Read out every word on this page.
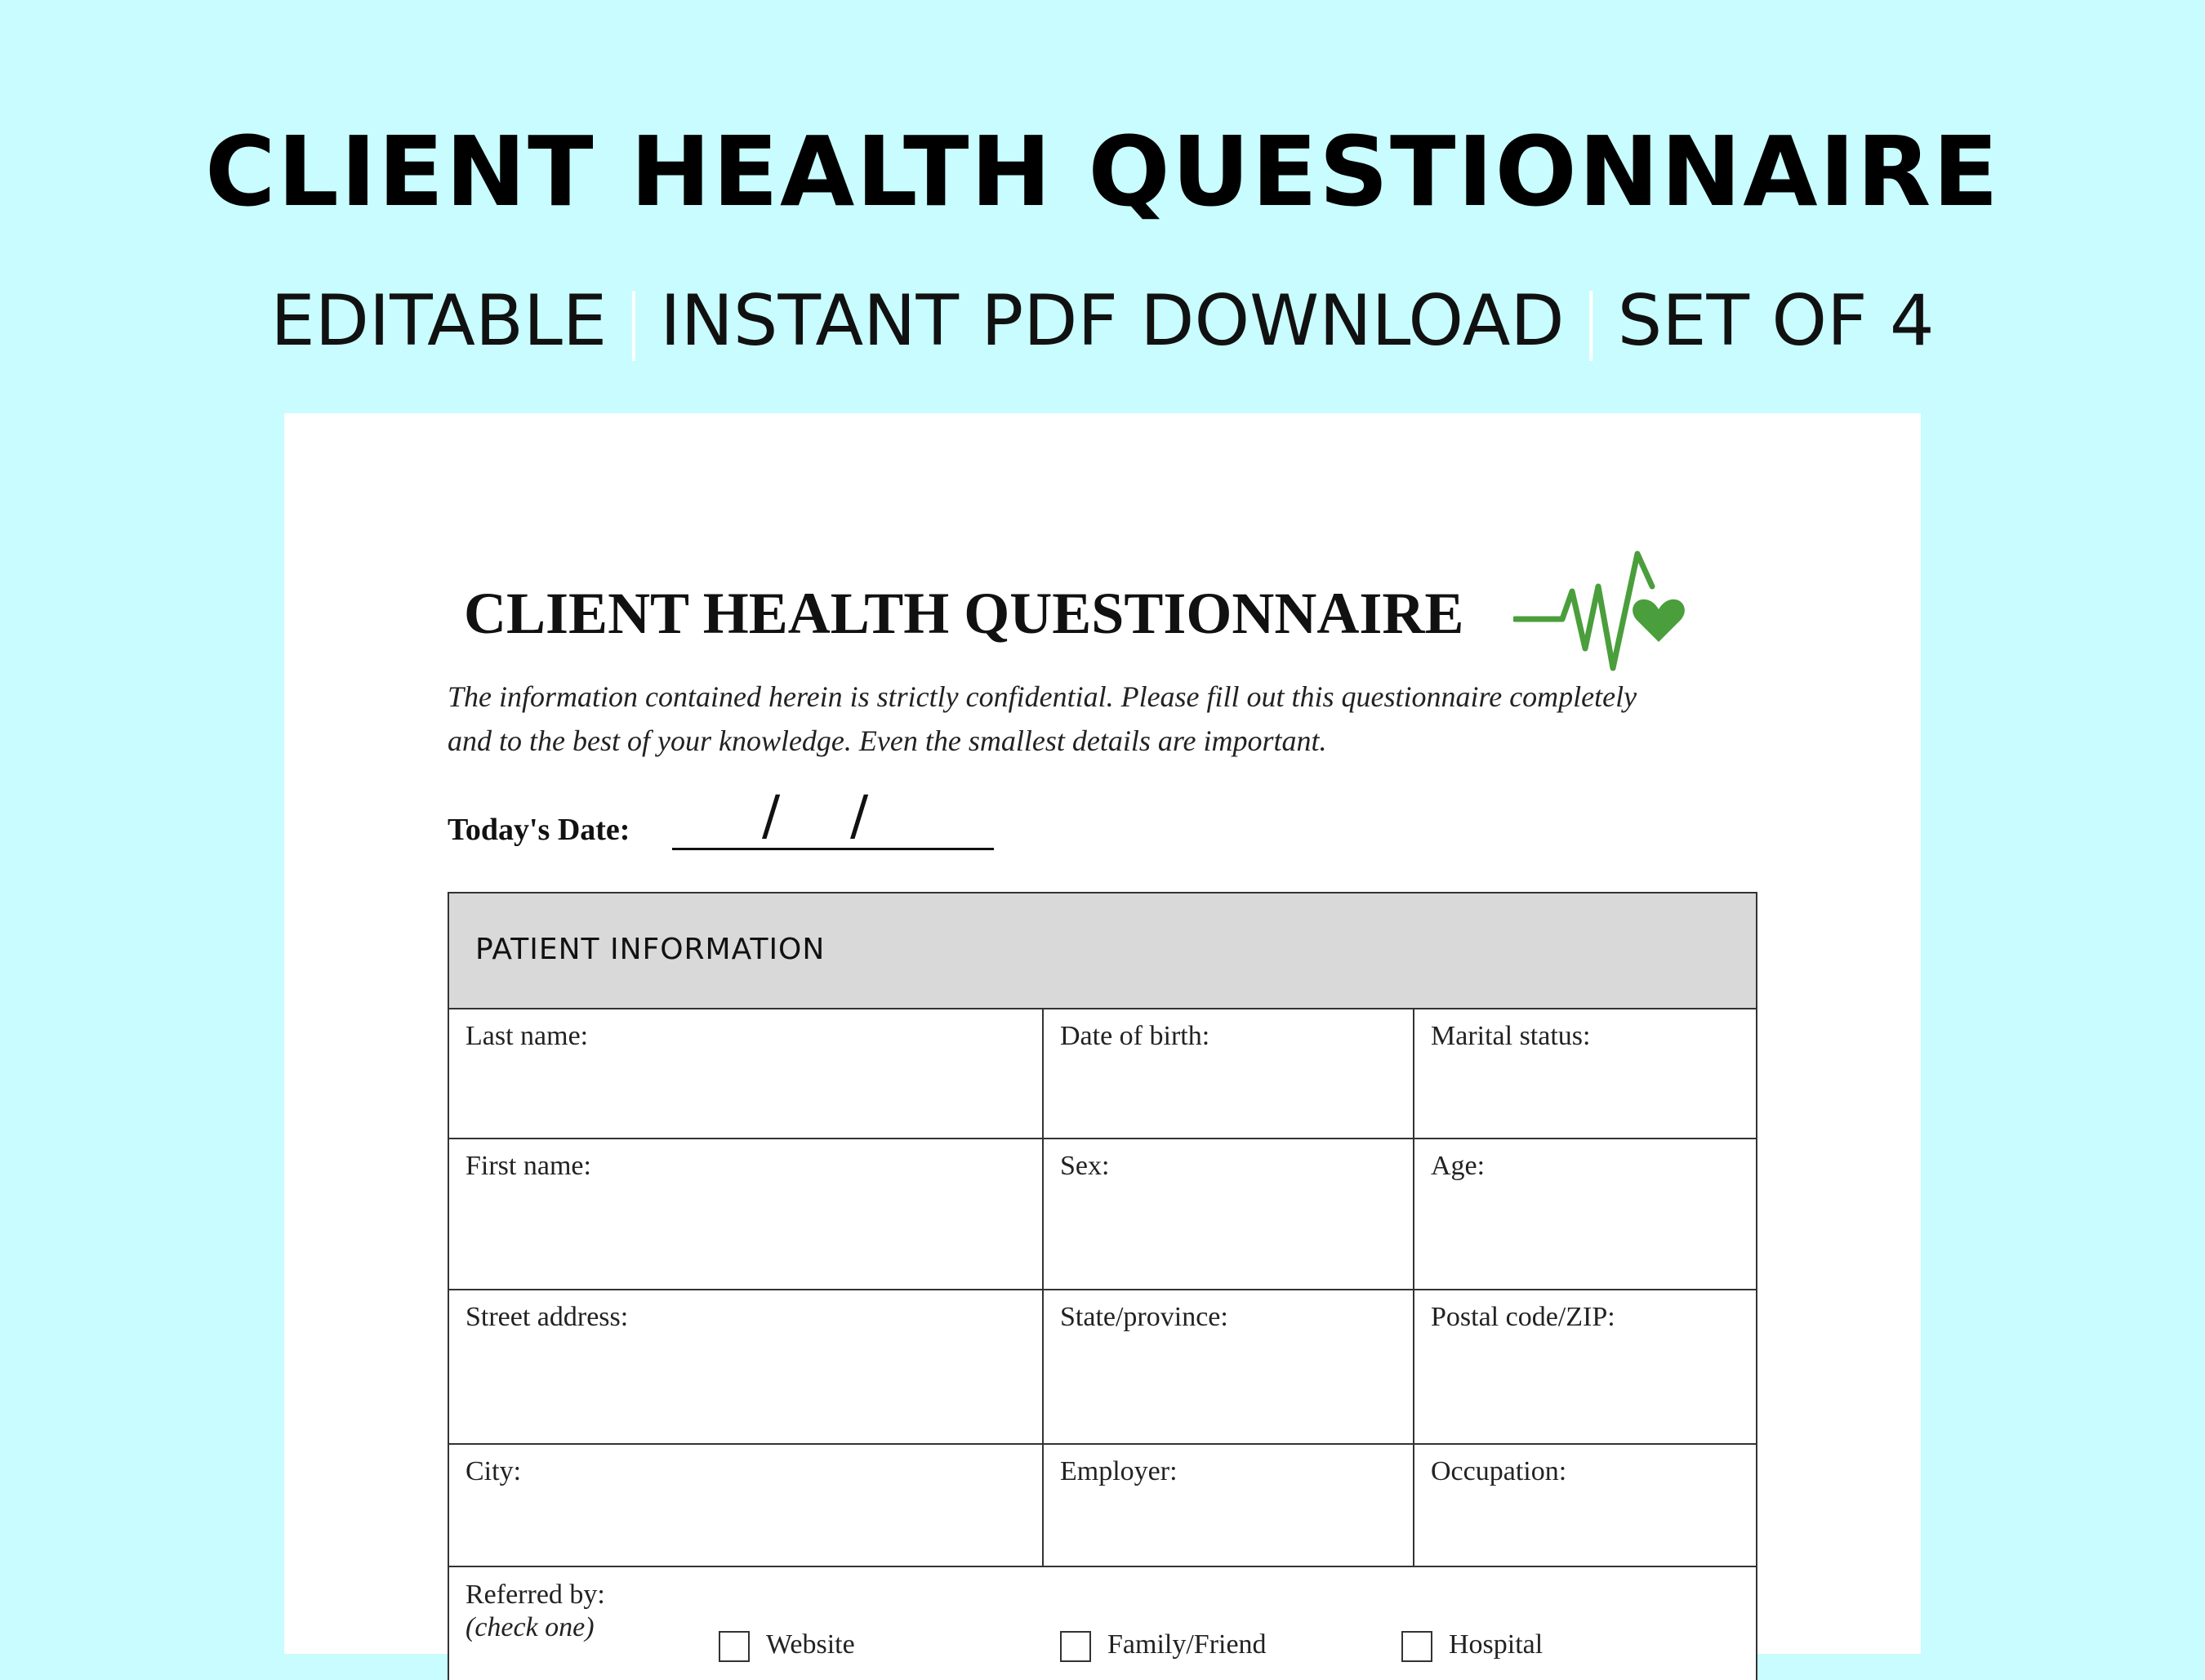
CLIENT HEALTH QUESTIONNAIRE
EDITABLE | INSTANT PDF DOWNLOAD | SET OF 4
CLIENT HEALTH QUESTIONNAIRE
The information contained herein is strictly confidential. Please fill out this questionnaire completely
and to the best of your knowledge. Even the smallest details are important.
Today's Date: / /
PATIENT INFORMATION
Last name:	Date of birth:	Marital status:
First name:	Sex:	Age:
Street address:	State/province:	Postal code/ZIP:
City:	Employer:	Occupation:
Referred by:
(check one)
Website	Family/Friend	Hospital
